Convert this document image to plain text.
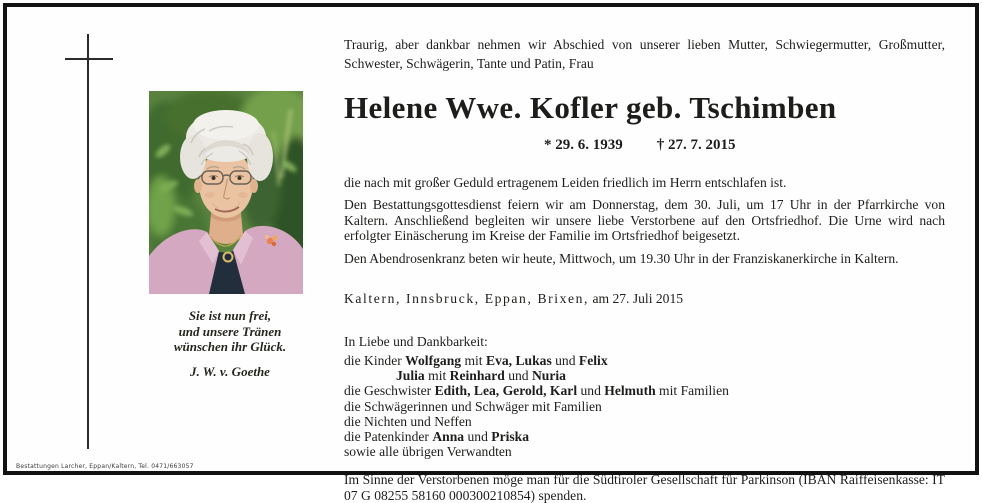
Sie ist nun frei,
und unsere Tränen
wünschen ihr Glück.
J. W. v. Goethe
Traurig, aber dankbar nehmen wir Abschied von unserer lieben Mutter, Schwiegermutter, Großmutter, Schwester, Schwägerin, Tante und Patin, Frau
Helene Wwe. Kofler geb. Tschimben
* 29. 6. 1939 † 27. 7. 2015
die nach mit großer Geduld ertragenem Leiden friedlich im Herrn entschlafen ist.
Den Bestattungsgottesdienst feiern wir am Donnerstag, dem 30. Juli, um 17 Uhr in der Pfarrkirche von Kaltern. Anschließend begleiten wir unsere liebe Verstorbene auf den Ortsfriedhof. Die Urne wird nach erfolgter Einäscherung im Kreise der Familie im Ortsfriedhof beigesetzt.
Den Abendrosenkranz beten wir heute, Mittwoch, um 19.30 Uhr in der Franziskanerkirche in Kaltern.
Kaltern, Innsbruck, Eppan, Brixen, am 27. Juli 2015
In Liebe und Dankbarkeit:
die Kinder Wolfgang mit Eva, Lukas und Felix
Julia mit Reinhard und Nuria
die Geschwister Edith, Lea, Gerold, Karl und Helmuth mit Familien
die Schwägerinnen und Schwäger mit Familien
die Nichten und Neffen
die Patenkinder Anna und Priska
sowie alle übrigen Verwandten
Im Sinne der Verstorbenen möge man für die Südtiroler Gesellschaft für Parkinson (IBAN Raiffeisenkasse: IT 07 G 08255 58160 000300210854) spenden.
Bestattungen Larcher, Eppan/Kaltern, Tel. 0471/663057
